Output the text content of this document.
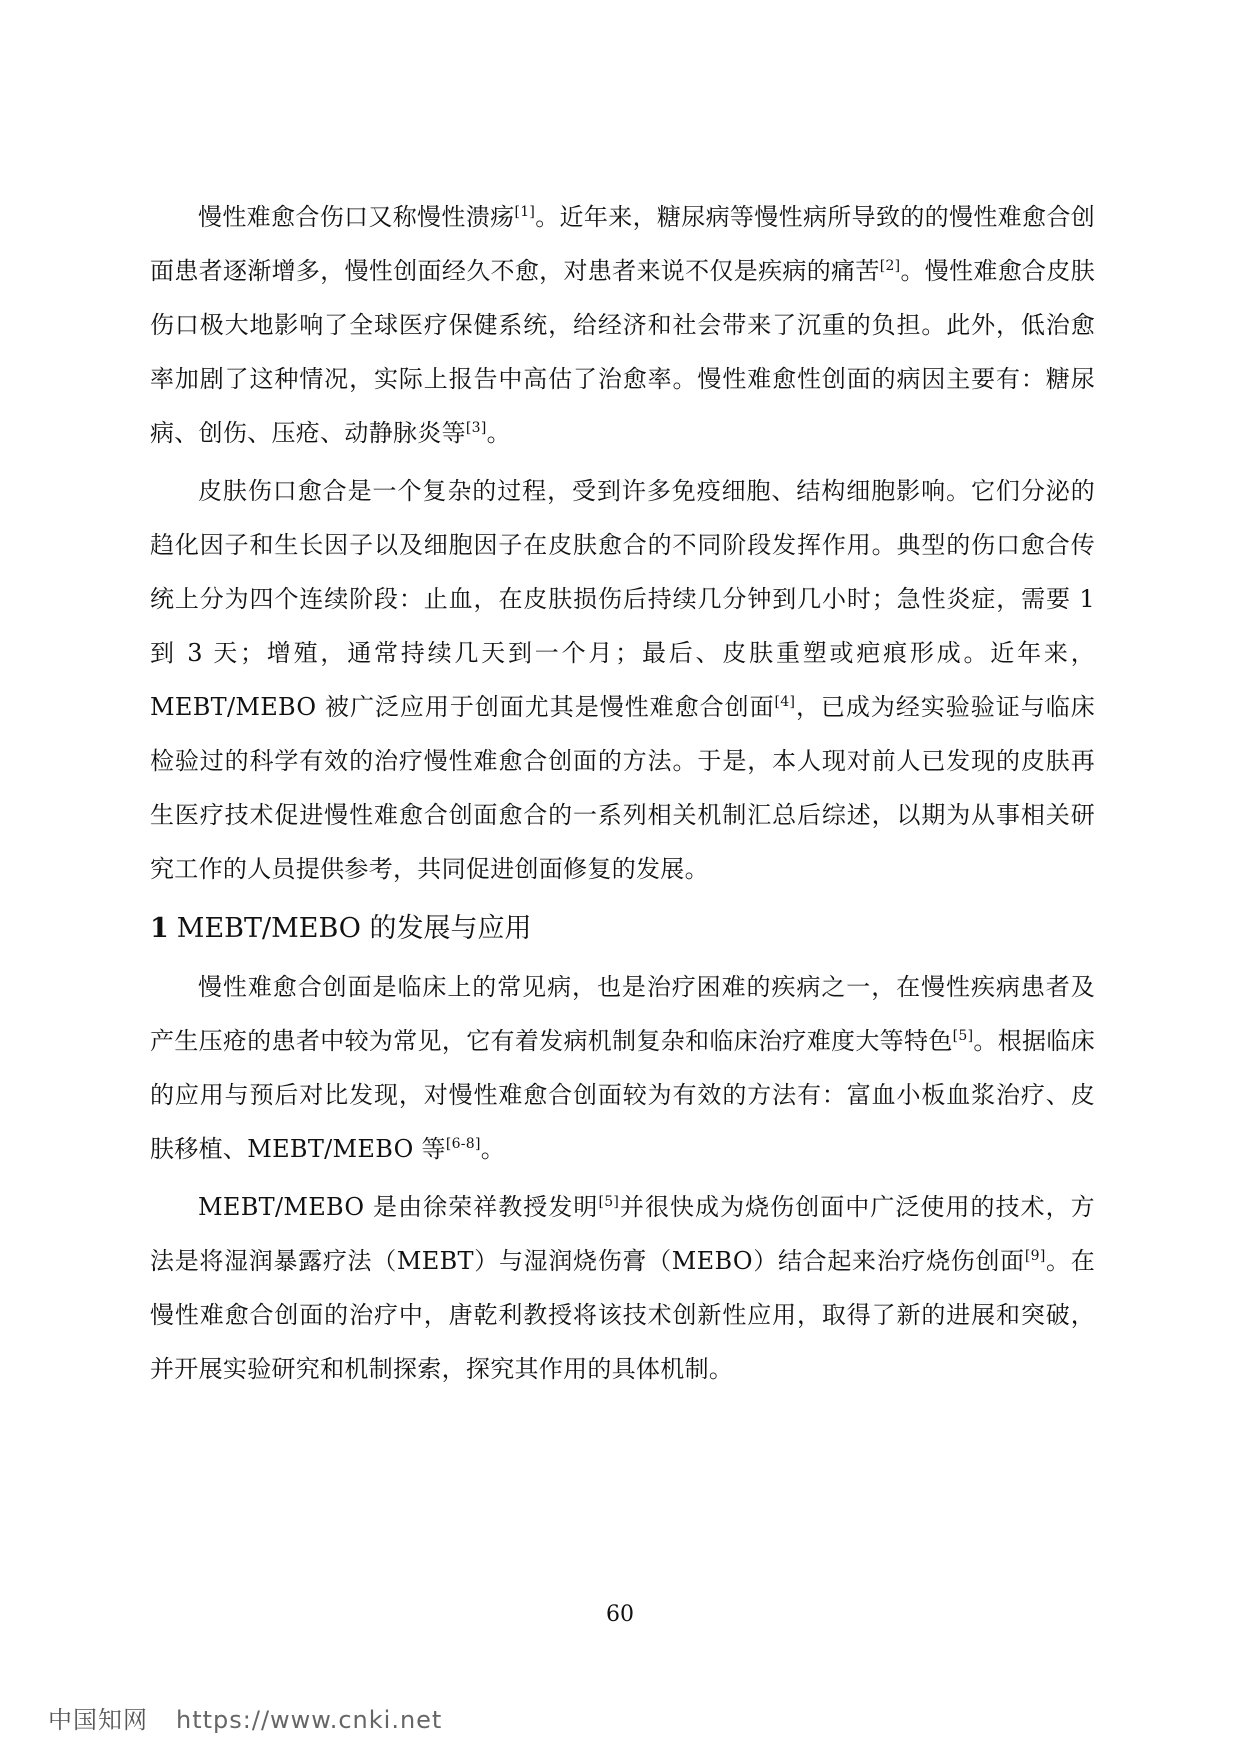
慢性难愈合伤口又称慢性溃疡[1]。近年来，糖尿病等慢性病所导致的的慢性难愈合创面患者逐渐增多，慢性创面经久不愈，对患者来说不仅是疾病的痛苦[2]。慢性难愈合皮肤伤口极大地影响了全球医疗保健系统，给经济和社会带来了沉重的负担。此外，低治愈率加剧了这种情况，实际上报告中高估了治愈率。慢性难愈性创面的病因主要有：糖尿病、创伤、压疮、动静脉炎等[3]。

皮肤伤口愈合是一个复杂的过程，受到许多免疫细胞、结构细胞影响。它们分泌的趋化因子和生长因子以及细胞因子在皮肤愈合的不同阶段发挥作用。典型的伤口愈合传统上分为四个连续阶段：止血，在皮肤损伤后持续几分钟到几小时；急性炎症，需要 1 到 3 天；增殖，通常持续几天到一个月；最后、皮肤重塑或疤痕形成。近年来，MEBT/MEBO 被广泛应用于创面尤其是慢性难愈合创面[4]，已成为经实验验证与临床检验过的科学有效的治疗慢性难愈合创面的方法。于是，本人现对前人已发现的皮肤再生医疗技术促进慢性难愈合创面愈合的一系列相关机制汇总后综述，以期为从事相关研究工作的人员提供参考，共同促进创面修复的发展。

1 MEBT/MEBO 的发展与应用

慢性难愈合创面是临床上的常见病，也是治疗困难的疾病之一，在慢性疾病患者及产生压疮的患者中较为常见，它有着发病机制复杂和临床治疗难度大等特色[5]。根据临床的应用与预后对比发现，对慢性难愈合创面较为有效的方法有：富血小板血浆治疗、皮肤移植、MEBT/MEBO 等[6-8]。

MEBT/MEBO 是由徐荣祥教授发明[5]并很快成为烧伤创面中广泛使用的技术，方法是将湿润暴露疗法（MEBT）与湿润烧伤膏（MEBO）结合起来治疗烧伤创面[9]。在慢性难愈合创面的治疗中，唐乾利教授将该技术创新性应用，取得了新的进展和突破，并开展实验研究和机制探索，探究其作用的具体机制。

60
中国知网 https://www.cnki.net
